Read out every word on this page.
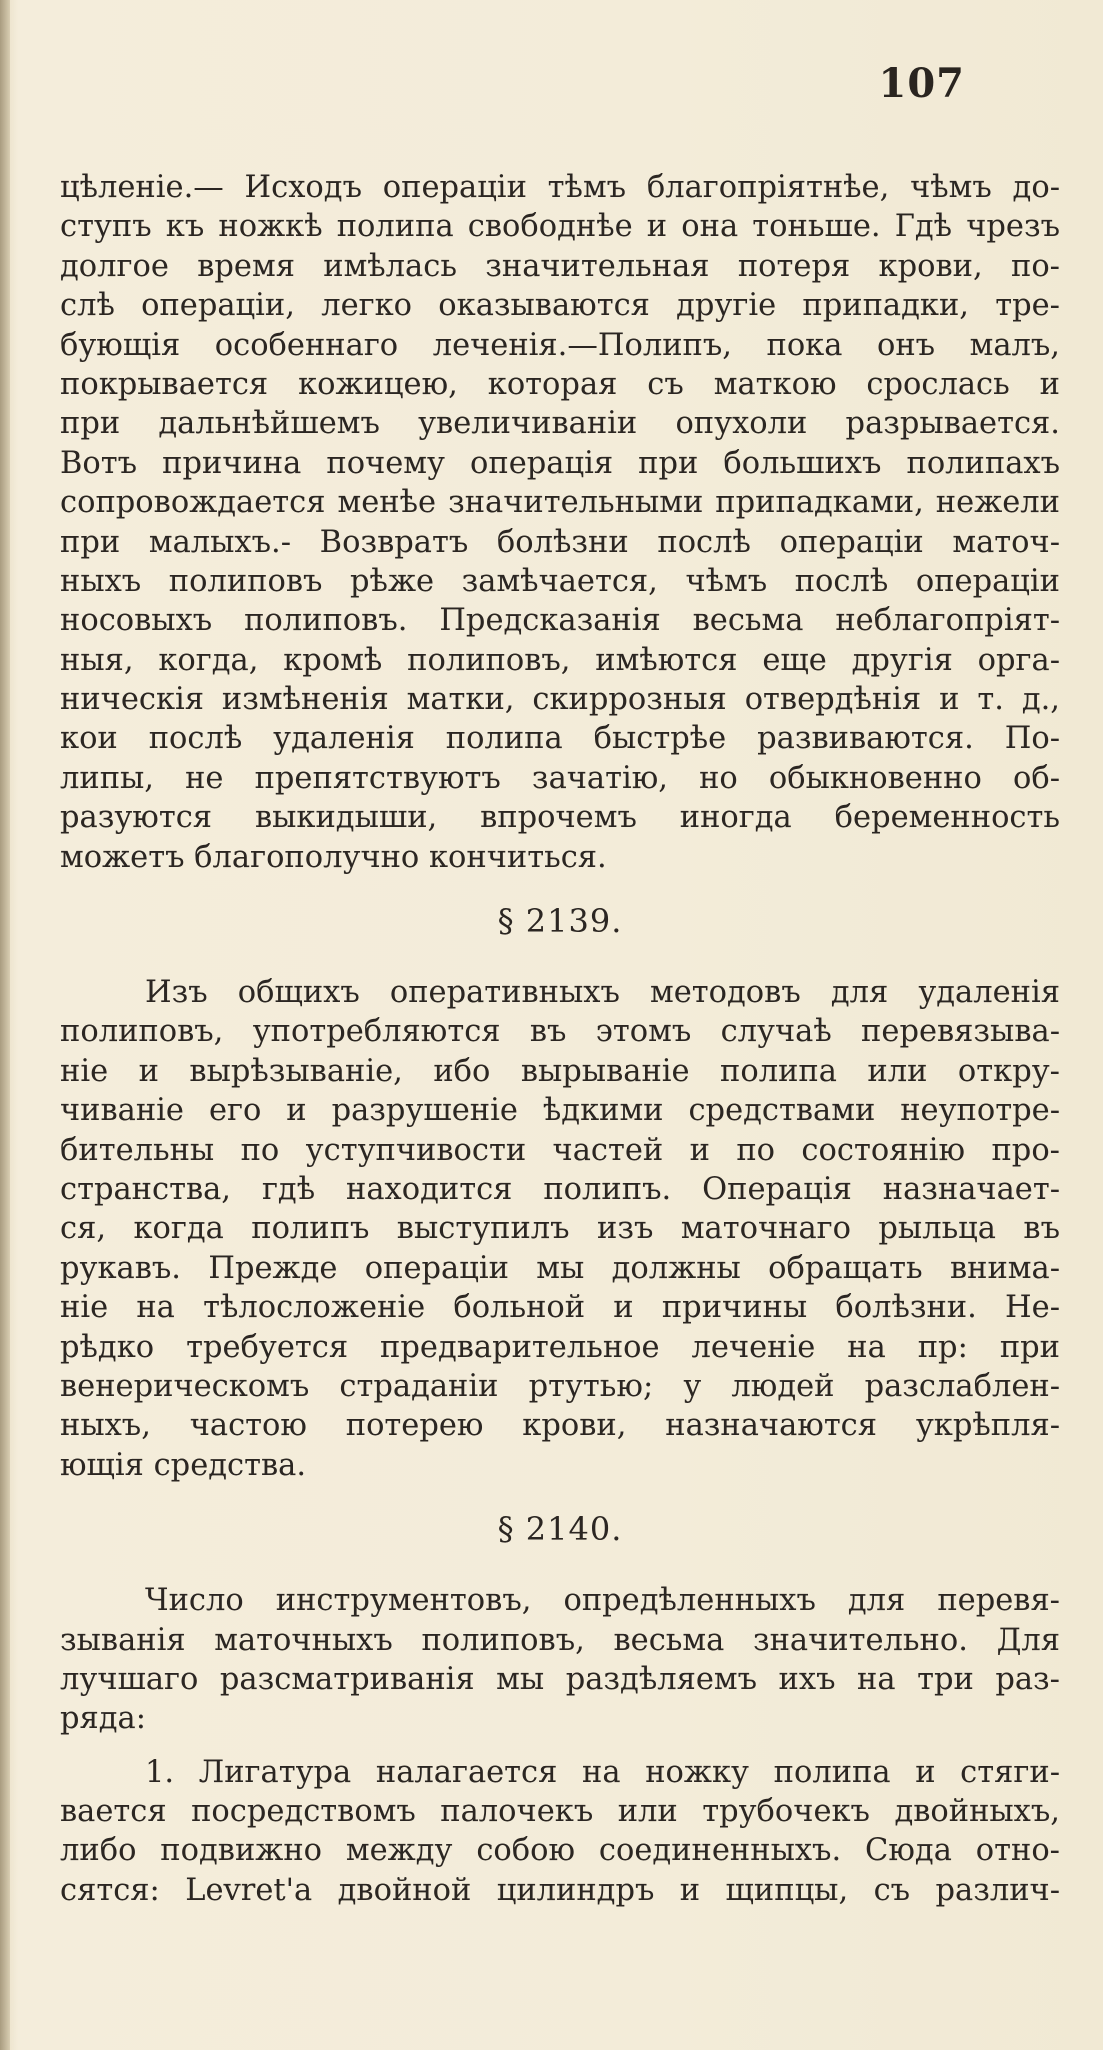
107
цѣленіе.— Исходъ операціи тѣмъ благопріятнѣе, чѣмъ до-
ступъ къ ножкѣ полипа свободнѣе и она тоньше. Гдѣ чрезъ
долгое время имѣлась значительная потеря крови, по-
слѣ операціи, легко оказываются другіе припадки, тре-
бующія особеннаго леченія.—Полипъ, пока онъ малъ,
покрывается кожицею, которая съ маткою срослась и
при дальнѣйшемъ увеличиваніи опухоли разрывается.
Вотъ причина почему операція при большихъ полипахъ
сопровождается менѣе значительными припадками, нежели
при малыхъ.- Возвратъ болѣзни послѣ операціи маточ-
ныхъ полиповъ рѣже замѣчается, чѣмъ послѣ операціи
носовыхъ полиповъ. Предсказанія весьма неблагопріят-
ныя, когда, кромѣ полиповъ, имѣются еще другія орга-
ническія измѣненія матки, скиррозныя отвердѣнія и т. д.,
кои послѣ удаленія полипа быстрѣе развиваются. По-
липы, не препятствуютъ зачатію, но обыкновенно об-
разуются выкидыши, впрочемъ иногда беременность
можетъ благополучно кончиться.
§ 2139.
Изъ общихъ оперативныхъ методовъ для удаленія
полиповъ, употребляются въ этомъ случаѣ перевязыва-
ніе и вырѣзываніе, ибо вырываніе полипа или откру-
чиваніе его и разрушеніе ѣдкими средствами неупотре-
бительны по уступчивости частей и по состоянію про-
странства, гдѣ находится полипъ. Операція назначает-
ся, когда полипъ выступилъ изъ маточнаго рыльца въ
рукавъ. Прежде операціи мы должны обращать внима-
ніе на тѣлосложеніе больной и причины болѣзни. Не-
рѣдко требуется предварительное леченіе на пр: при
венерическомъ страданіи ртутью; у людей разслаблен-
ныхъ, частою потерею крови, назначаются укрѣпля-
ющія средства.
§ 2140.
Число инструментовъ, опредѣленныхъ для перевя-
зыванія маточныхъ полиповъ, весьма значительно. Для
лучшаго разсматриванія мы раздѣляемъ ихъ на три раз-
ряда:
1. Лигатура налагается на ножку полипа и стяги-
вается посредствомъ палочекъ или трубочекъ двойныхъ,
либо подвижно между собою соединенныхъ. Сюда отно-
сятся: Levret'а двойной цилиндръ и щипцы, съ различ-
